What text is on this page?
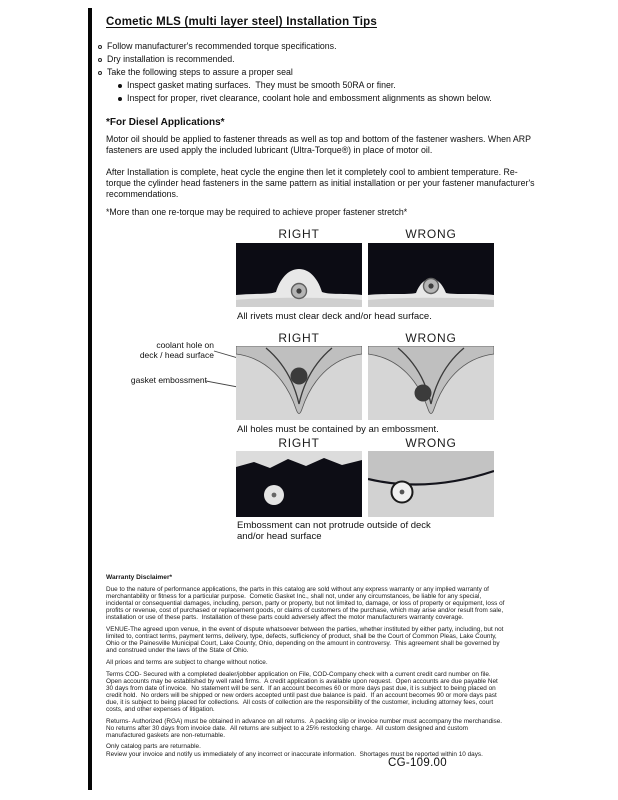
Cometic MLS (multi layer steel) Installation Tips
Follow manufacturer's recommended torque specifications.
Dry installation is recommended.
Take the following steps to assure a proper seal
Inspect gasket mating surfaces.  They must be smooth 50RA or finer.
Inspect for proper, rivet clearance, coolant hole and embossment alignments as shown below.
*For Diesel Applications*
Motor oil should be applied to fastener threads as well as top and bottom of the fastener washers. When ARP fasteners are used apply the included lubricant (Ultra-Torque®) in place of motor oil.
After Installation is complete, heat cycle the engine then let it completely cool to ambient temperature. Re-torque the cylinder head fasteners in the same pattern as initial installation or per your fastener manufacturer's recommendations.
*More than one re-torque may be required to achieve proper fastener stretch*
RIGHT	WRONG
All rivets must clear deck and/or head surface.
RIGHT	WRONG
coolant hole on
deck / head surface
gasket embossment
All holes must be contained by an embossment.
RIGHT	WRONG
Embossment can not protrude outside of deck and/or head surface
Warranty Disclaimer*

Due to the nature of performance applications, the parts in this catalog are sold without any express warranty or any implied warranty of merchantability or fitness for a particular purpose.  Cometic Gasket Inc., shall not, under any circumstances, be liable for any special, incidental or consequential damages, including, person, party or property, but not limited to, damage, or loss of property or equipment, loss of profits or revenue, cost of purchased or replacement goods, or claims of customers of the purchase, which may arise and/or result from sale, installation or use of these parts.  Installation of these parts could adversely affect the motor manufacturers warranty coverage.

VENUE-The agreed upon venue, in the event of dispute whatsoever between the parties, whether instituted by either party, including, but not limited to, contract terms, payment terms, delivery, type, defects, sufficiency of product, shall be the Court of Common Pleas, Lake County, Ohio or the Painesville Municipal Court, Lake County, Ohio, depending on the amount in controversy.  This agreement shall be governed by and construed under the laws of the State of Ohio.

All prices and terms are subject to change without notice.

Terms COD- Secured with a completed dealer/jobber application on File, COD-Company check with a current credit card number on file.  Open accounts may be established by well rated firms.  A credit application is available upon request.  Open accounts are due payable Net 30 days from date of invoice.  No statement will be sent.  If an account becomes 60 or more days past due, it is subject to being placed on credit hold.  No orders will be shipped or new orders accepted until past due balance is paid.  If an account becomes 90 or more days past due, it is subject to being placed for collections.  All costs of collection are the responsibility of the customer, including attorney fees, court costs, and other expenses of litigation.

Returns- Authorized (RGA) must be obtained in advance on all returns.  A packing slip or invoice number must accompany the merchandise.  No returns after 30 days from invoice date.  All returns are subject to a 25% restocking charge.  All custom designed and custom manufactured gaskets are non-returnable.

Only catalog parts are returnable.

Review your invoice and notify us immediately of any incorrect or inaccurate information.  Shortages must be reported within 10 days.

CG-109.00
